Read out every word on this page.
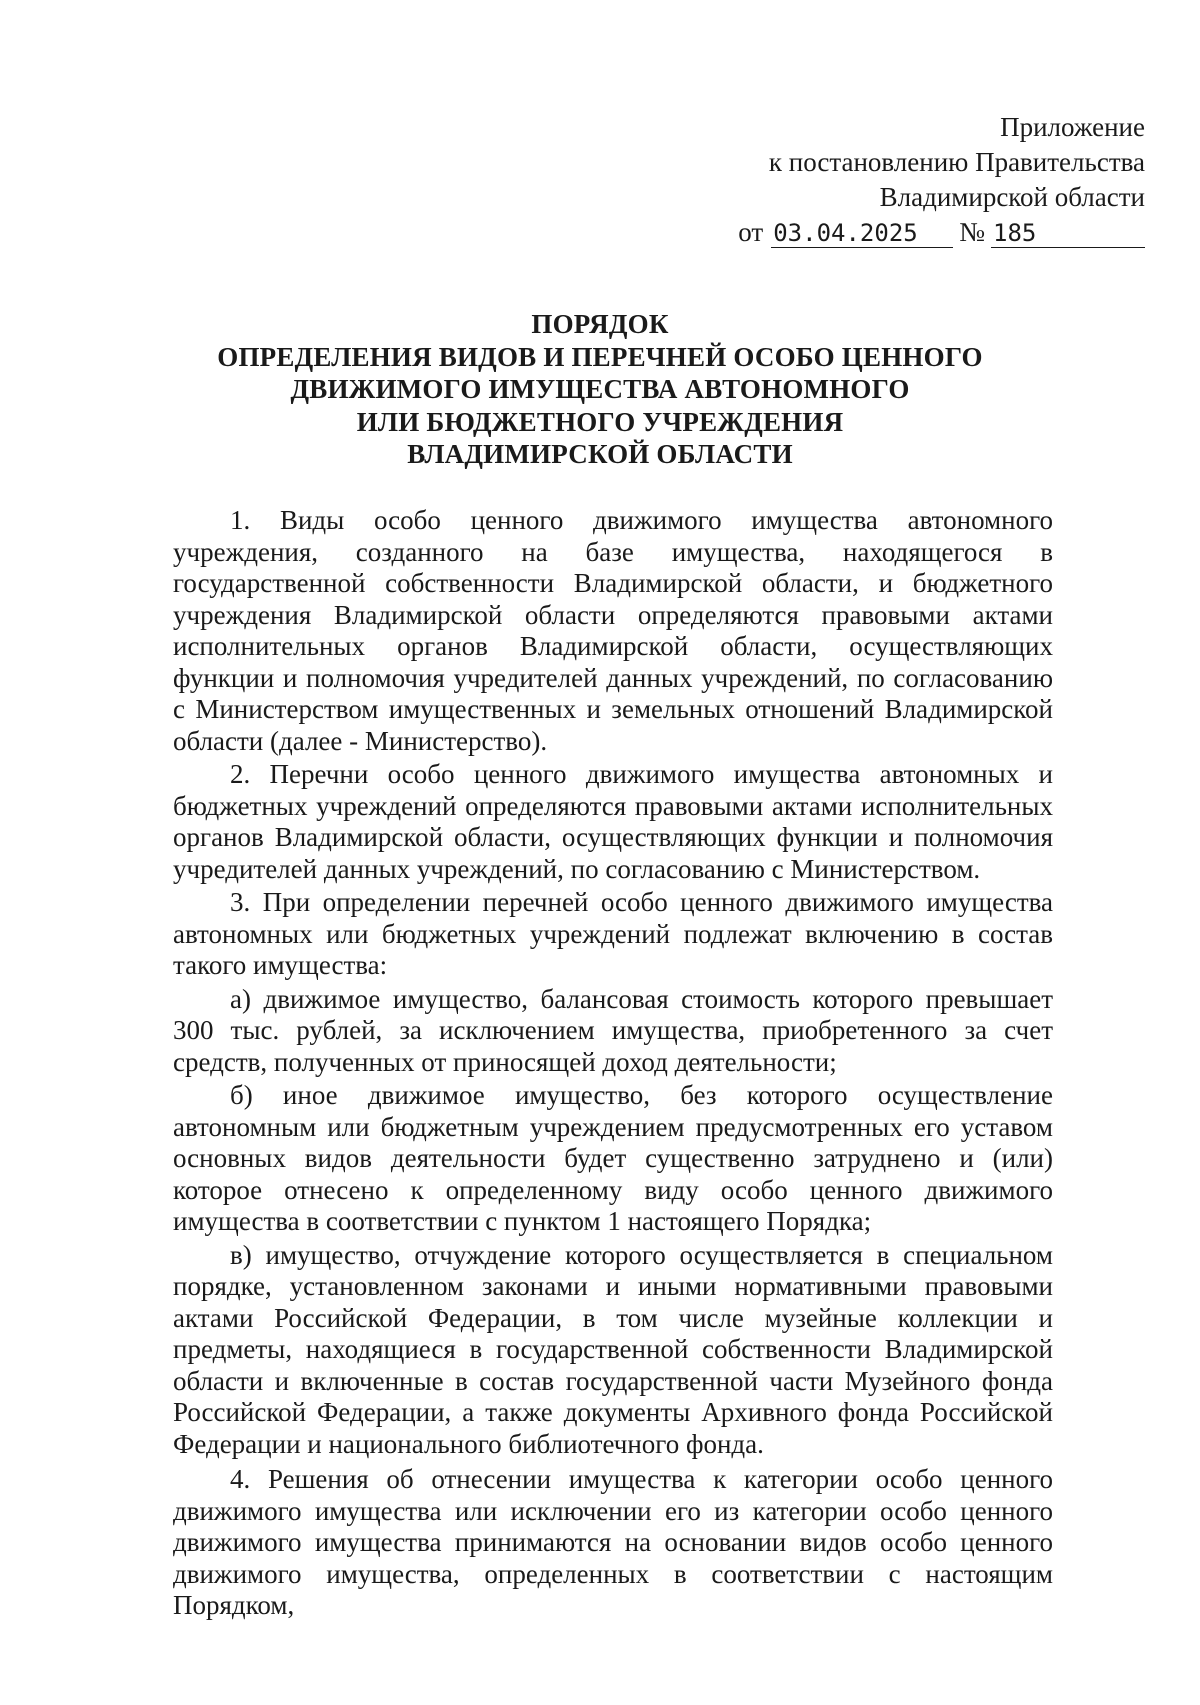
Приложение
к постановлению Правительства
Владимирской области
от 03.04.2025	№ 185
ПОРЯДОК
ОПРЕДЕЛЕНИЯ ВИДОВ И ПЕРЕЧНЕЙ ОСОБО ЦЕННОГО
ДВИЖИМОГО ИМУЩЕСТВА АВТОНОМНОГО
ИЛИ БЮДЖЕТНОГО УЧРЕЖДЕНИЯ
ВЛАДИМИРСКОЙ ОБЛАСТИ

1. Виды особо ценного движимого имущества автономного учреждения, созданного на базе имущества, находящегося в государственной собственности Владимирской области, и бюджетного учреждения Владимирской области определяются правовыми актами исполнительных органов Владимирской области, осуществляющих функции и полномочия учредителей данных учреждений, по согласованию с Министерством имущественных и земельных отношений Владимирской области (далее - Министерство).

2. Перечни особо ценного движимого имущества автономных и бюджетных учреждений определяются правовыми актами исполнительных органов Владимирской области, осуществляющих функции и полномочия учредителей данных учреждений, по согласованию с Министерством.

3. При определении перечней особо ценного движимого имущества автономных или бюджетных учреждений подлежат включению в состав такого имущества:

а) движимое имущество, балансовая стоимость которого превышает 300 тыс. рублей, за исключением имущества, приобретенного за счет средств, полученных от приносящей доход деятельности;

б) иное движимое имущество, без которого осуществление автономным или бюджетным учреждением предусмотренных его уставом основных видов деятельности будет существенно затруднено и (или) которое отнесено к определенному виду особо ценного движимого имущества в соответствии с пунктом 1 настоящего Порядка;

в) имущество, отчуждение которого осуществляется в специальном порядке, установленном законами и иными нормативными правовыми актами Российской Федерации, в том числе музейные коллекции и предметы, находящиеся в государственной собственности Владимирской области и включенные в состав государственной части Музейного фонда Российской Федерации, а также документы Архивного фонда Российской Федерации и национального библиотечного фонда.

4. Решения об отнесении имущества к категории особо ценного движимого имущества или исключении его из категории особо ценного движимого имущества принимаются на основании видов особо ценного движимого имущества, определенных в соответствии с настоящим Порядком,
